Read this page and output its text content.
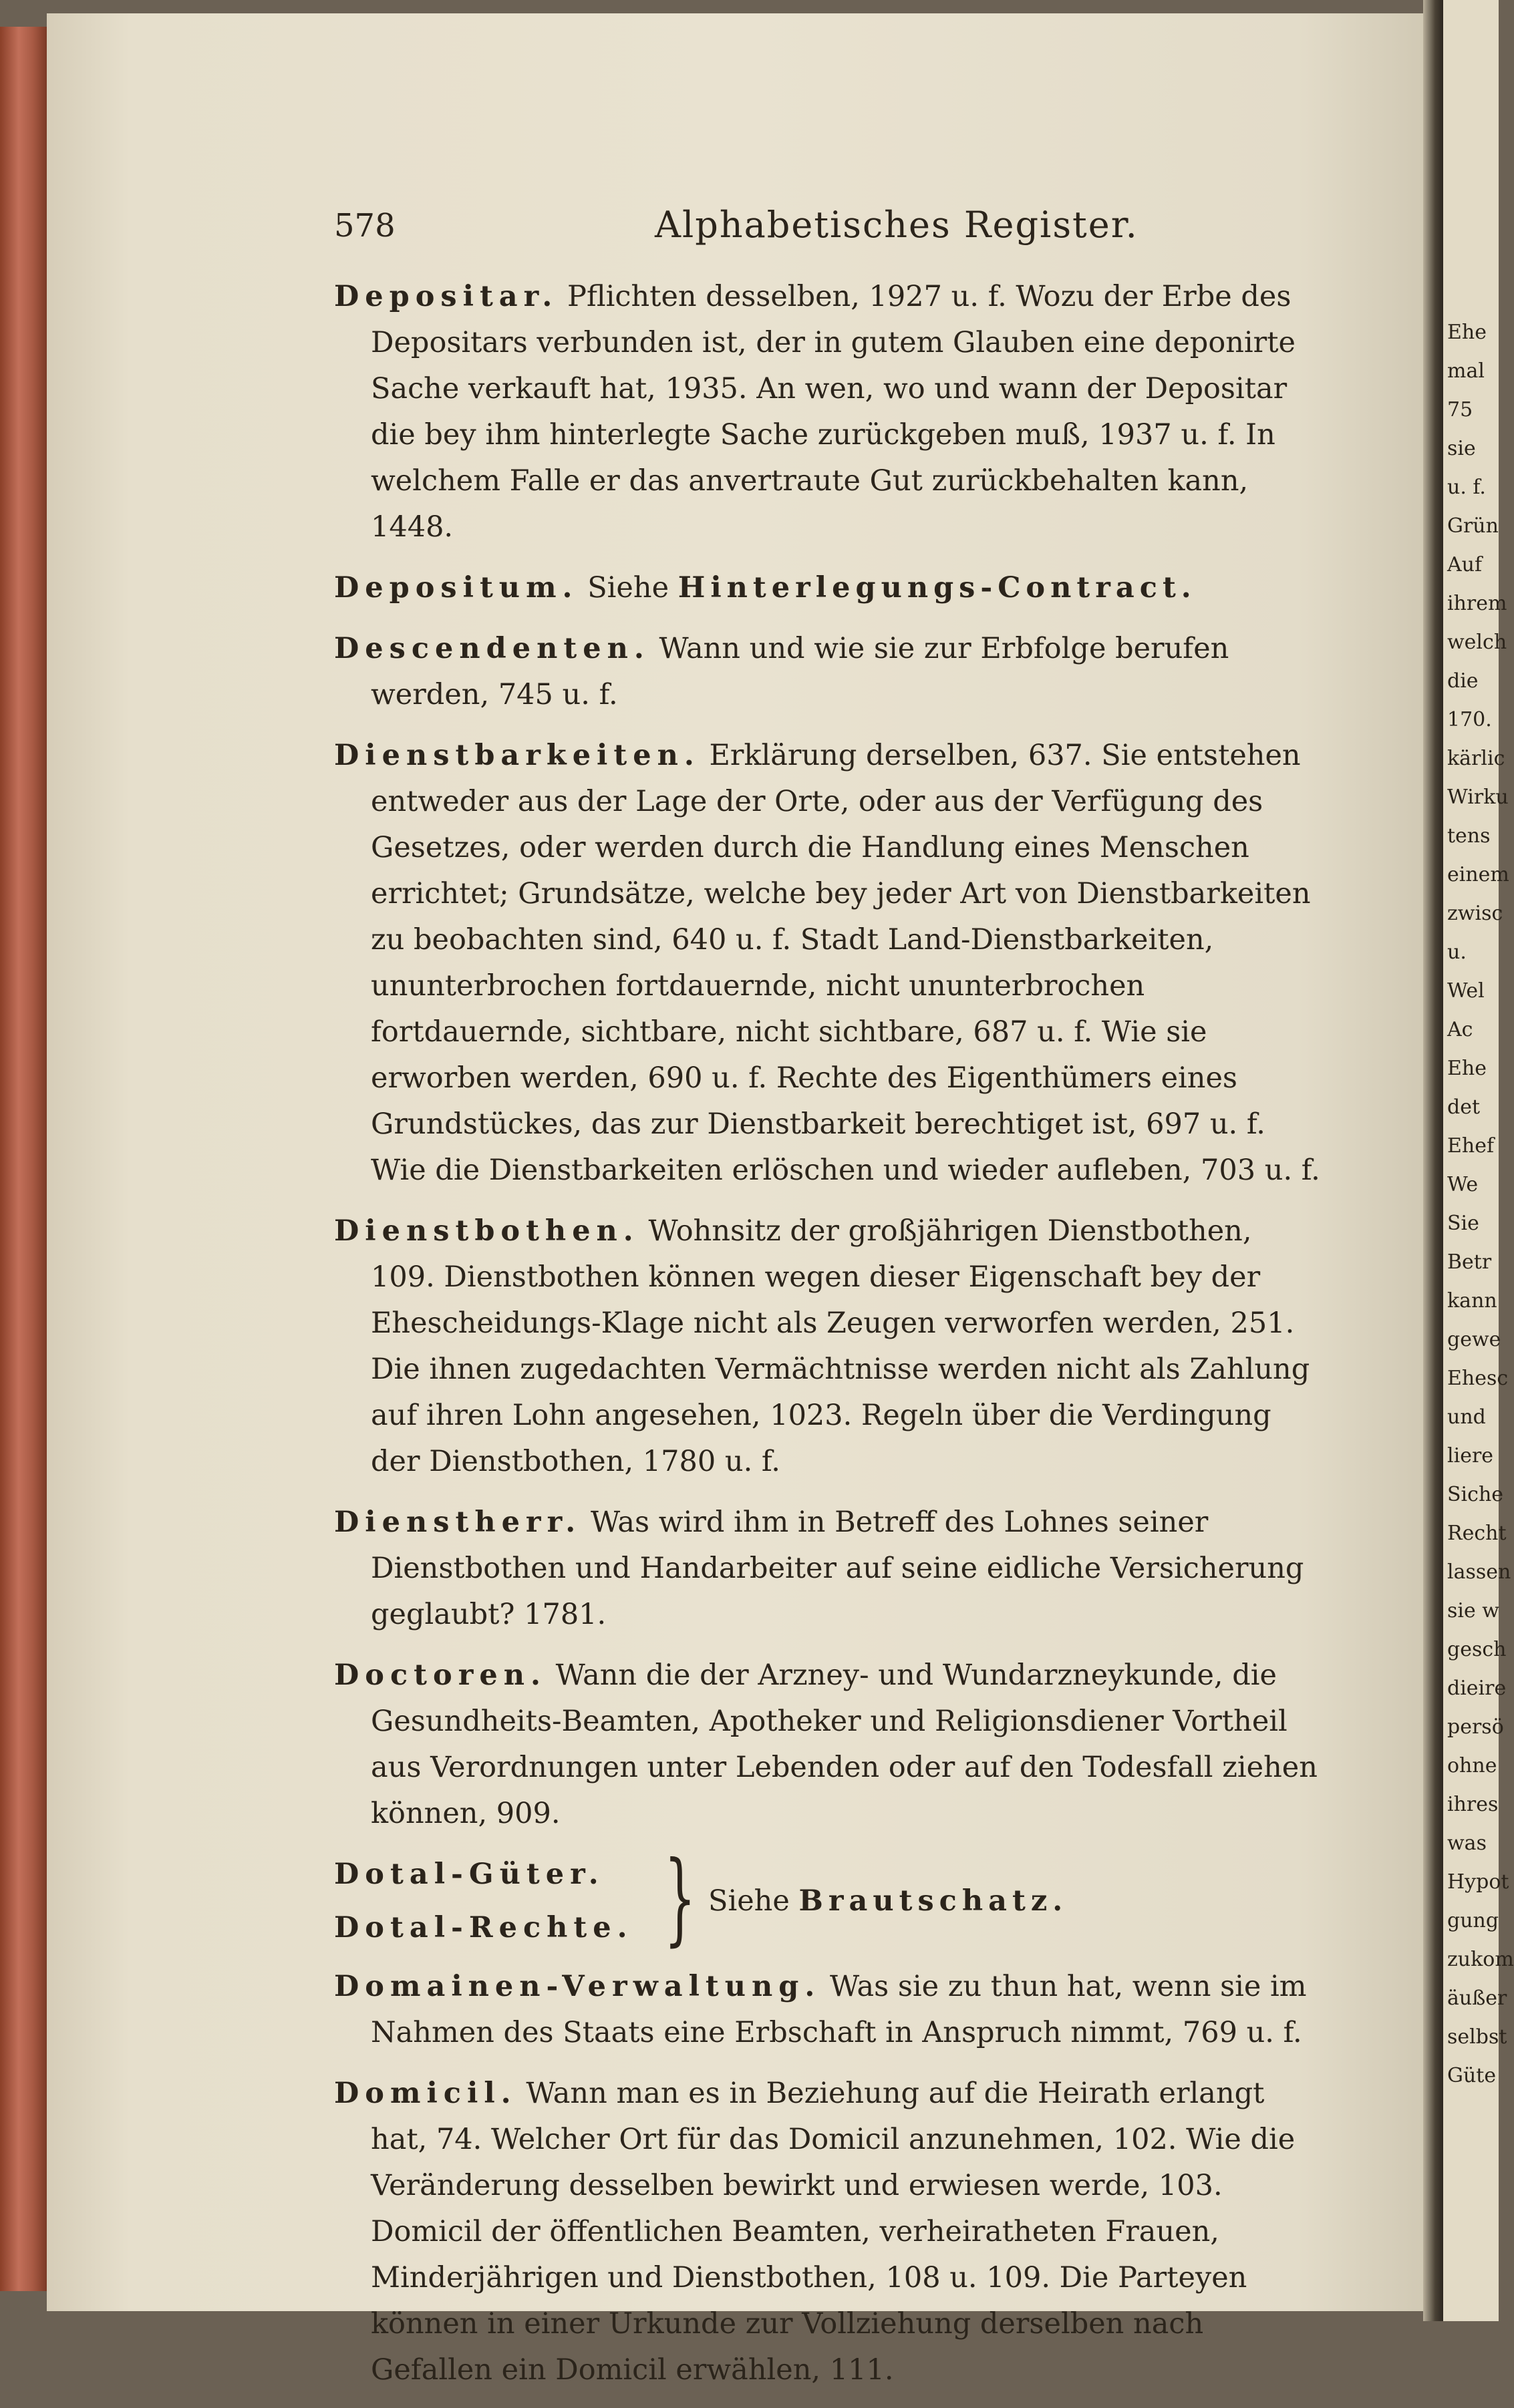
Ehe
mal
75
sie
u. f.
Grün
Auf
ihrem
welch
die
170.
kärlic
Wirku
tens
einem
zwisc
u.
Wel
Ac
Ehe
det
Ehef
We
Sie
Betr
kann
gewe
Ehesc
und
liere
Siche
Recht
lassen
sie w
gesch
dieire
persö
ohne
ihres
was
Hypot
gung
zukom
äußer
selbst
Güte
578	Alphabetisches Register.
Depositar. Pflichten desselben, 1927 u. f. Wozu der Erbe des Depositars verbunden ist, der in gutem Glauben eine deponirte Sache verkauft hat, 1935. An wen, wo und wann der Depositar die bey ihm hinterlegte Sache zurückgeben muß, 1937 u. f. In welchem Falle er das anvertraute Gut zurückbehalten kann, 1448.
Depositum. Siehe Hinterlegungs-Contract.
Descendenten. Wann und wie sie zur Erbfolge berufen werden, 745 u. f.
Dienstbarkeiten. Erklärung derselben, 637. Sie entstehen entweder aus der Lage der Orte, oder aus der Verfügung des Gesetzes, oder werden durch die Handlung eines Menschen errichtet; Grundsätze, welche bey jeder Art von Dienstbarkeiten zu beobachten sind, 640 u. f. Stadt Land-Dienstbarkeiten, ununterbrochen fortdauernde, nicht ununterbrochen fortdauernde, sichtbare, nicht sichtbare, 687 u. f. Wie sie erworben werden, 690 u. f. Rechte des Eigenthümers eines Grundstückes, das zur Dienstbarkeit berechtiget ist, 697 u. f. Wie die Dienstbarkeiten erlöschen und wieder aufleben, 703 u. f.
Dienstbothen. Wohnsitz der großjährigen Dienstbothen, 109. Dienstbothen können wegen dieser Eigenschaft bey der Ehescheidungs-Klage nicht als Zeugen verworfen werden, 251. Die ihnen zugedachten Vermächtnisse werden nicht als Zahlung auf ihren Lohn angesehen, 1023. Regeln über die Verdingung der Dienstbothen, 1780 u. f.
Dienstherr. Was wird ihm in Betreff des Lohnes seiner Dienstbothen und Handarbeiter auf seine eidliche Versicherung geglaubt? 1781.
Doctoren. Wann die der Arzney- und Wundarzneykunde, die Gesundheits-Beamten, Apotheker und Religionsdiener Vortheil aus Verordnungen unter Lebenden oder auf den Todesfall ziehen können, 909.
Dotal-Güter.
Dotal-Rechte. } Siehe Brautschatz.
Domainen-Verwaltung. Was sie zu thun hat, wenn sie im Nahmen des Staats eine Erbschaft in Anspruch nimmt, 769 u. f.
Domicil. Wann man es in Beziehung auf die Heirath erlangt hat, 74. Welcher Ort für das Domicil anzunehmen, 102. Wie die Veränderung desselben bewirkt und erwiesen werde, 103. Domicil der öffentlichen Beamten, verheiratheten Frauen, Minderjährigen und Dienstbothen, 108 u. 109. Die Parteyen können in einer Urkunde zur Vollziehung derselben nach Gefallen ein Domicil erwählen, 111.
